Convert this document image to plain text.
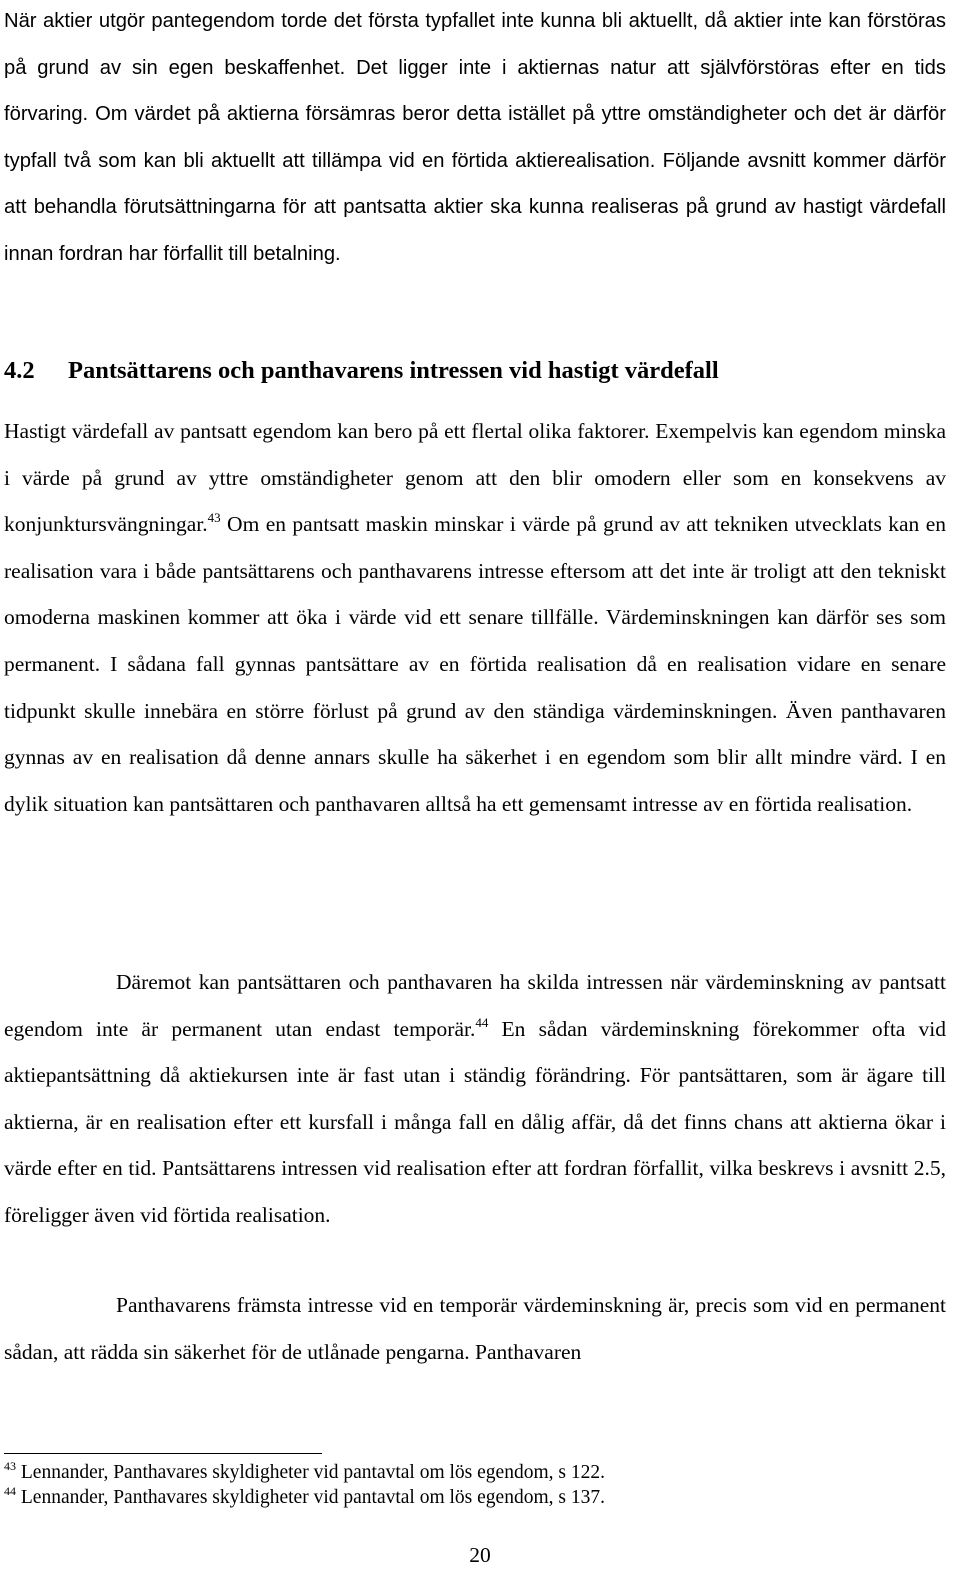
När aktier utgör pantegendom torde det första typfallet inte kunna bli aktuellt, då aktier inte kan förstöras på grund av sin egen beskaffenhet. Det ligger inte i aktiernas natur att självförstöras efter en tids förvaring. Om värdet på aktierna försämras beror detta istället på yttre omständigheter och det är därför typfall två som kan bli aktuellt att tillämpa vid en förtida aktierealisation. Följande avsnitt kommer därför att behandla förutsättningarna för att pantsatta aktier ska kunna realiseras på grund av hastigt värdefall innan fordran har förfallit till betalning.

4.2 Pantsättarens och panthavarens intressen vid hastigt värdefall

Hastigt värdefall av pantsatt egendom kan bero på ett flertal olika faktorer. Exempelvis kan egendom minska i värde på grund av yttre omständigheter genom att den blir omodern eller som en konsekvens av konjunktursvängningar.$^{43}$ Om en pantsatt maskin minskar i värde på grund av att tekniken utvecklats kan en realisation vara i både pantsättarens och panthavarens intresse eftersom att det inte är troligt att den tekniskt omoderna maskinen kommer att öka i värde vid ett senare tillfälle. Värdeminskningen kan därför ses som permanent. I sådana fall gynnas pantsättare av en förtida realisation då en realisation vidare en senare tidpunkt skulle innebära en större förlust på grund av den ständiga värdeminskningen. Även panthavaren gynnas av en realisation då denne annars skulle ha säkerhet i en egendom som blir allt mindre värd. I en dylik situation kan pantsättaren och panthavaren alltså ha ett gemensamt intresse av en förtida realisation.

Däremot kan pantsättaren och panthavaren ha skilda intressen när värdeminskning av pantsatt egendom inte är permanent utan endast temporär.$^{44}$ En sådan värdeminskning förekommer ofta vid aktiepantsättning då aktiekursen inte är fast utan i ständig förändring. För pantsättaren, som är ägare till aktierna, är en realisation efter ett kursfall i många fall en dålig affär, då det finns chans att aktierna ökar i värde efter en tid. Pantsättarens intressen vid realisation efter att fordran förfallit, vilka beskrevs i avsnitt 2.5, föreligger även vid förtida realisation.

Panthavarens främsta intresse vid en temporär värdeminskning är, precis som vid en permanent sådan, att rädda sin säkerhet för de utlånade pengarna. Panthavaren

$^{43}$ Lennander, Panthavares skyldigheter vid pantavtal om lös egendom, s 122.

$^{44}$ Lennander, Panthavares skyldigheter vid pantavtal om lös egendom, s 137.

20
